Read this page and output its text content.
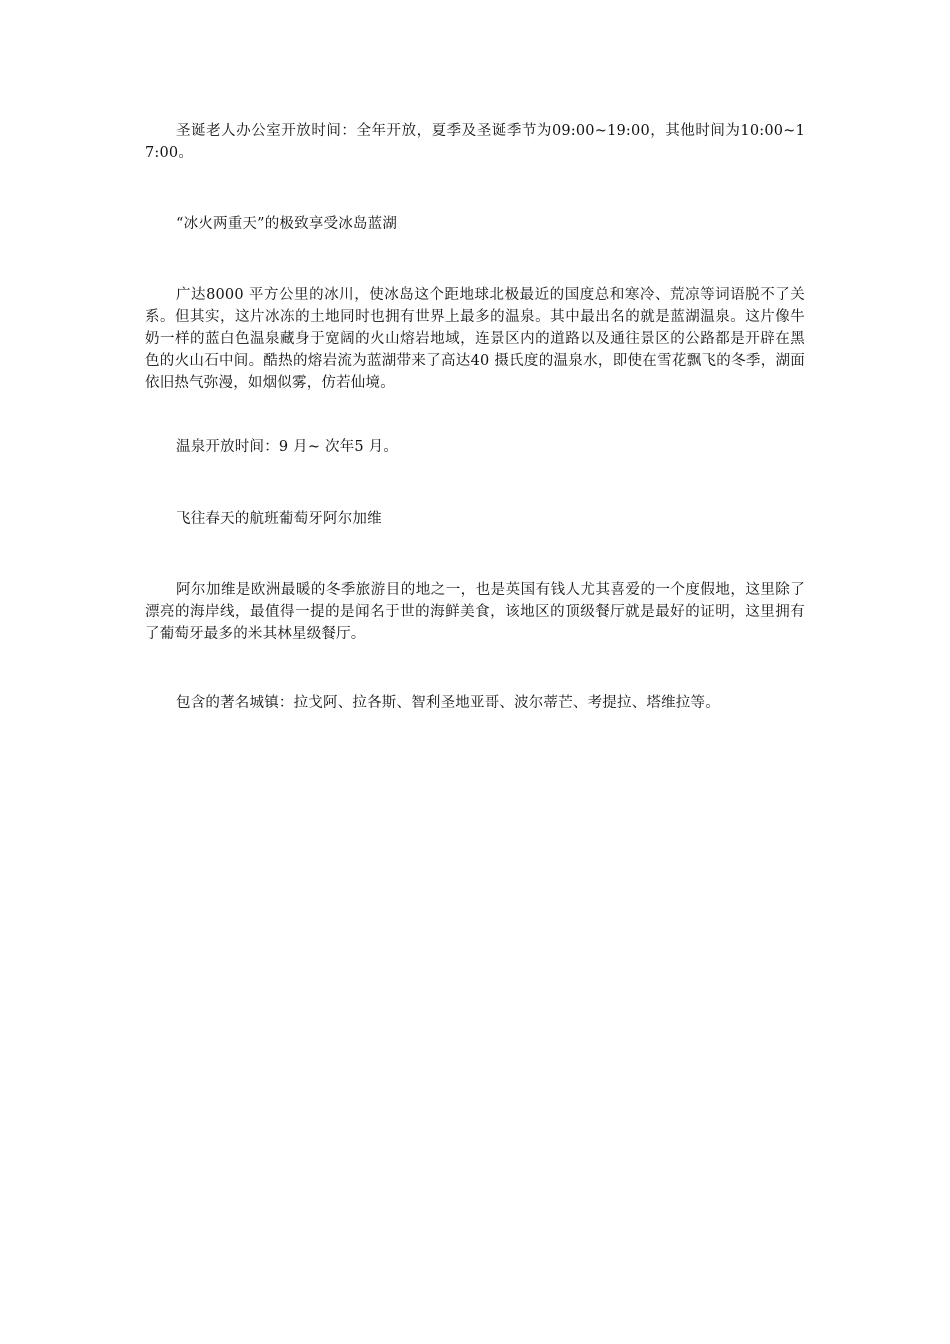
圣诞老人办公室开放时间：全年开放，夏季及圣诞季节为09:00~19:00，其他时间为10:00~17:00。

“冰火两重天”的极致享受冰岛蓝湖

广达8000 平方公里的冰川，使冰岛这个距地球北极最近的国度总和寒冷、荒凉等词语脱不了关系。但其实，这片冰冻的土地同时也拥有世界上最多的温泉。其中最出名的就是蓝湖温泉。这片像牛奶一样的蓝白色温泉藏身于宽阔的火山熔岩地域，连景区内的道路以及通往景区的公路都是开辟在黑色的火山石中间。酷热的熔岩流为蓝湖带来了高达40 摄氏度的温泉水，即使在雪花飘飞的冬季，湖面依旧热气弥漫，如烟似雾，仿若仙境。

温泉开放时间：9 月~ 次年5 月。

飞往春天的航班葡萄牙阿尔加维

阿尔加维是欧洲最暖的冬季旅游目的地之一，也是英国有钱人尤其喜爱的一个度假地，这里除了漂亮的海岸线，最值得一提的是闻名于世的海鲜美食，该地区的顶级餐厅就是最好的证明，这里拥有了葡萄牙最多的米其林星级餐厅。

包含的著名城镇：拉戈阿、拉各斯、智利圣地亚哥、波尔蒂芒、考提拉、塔维拉等。
